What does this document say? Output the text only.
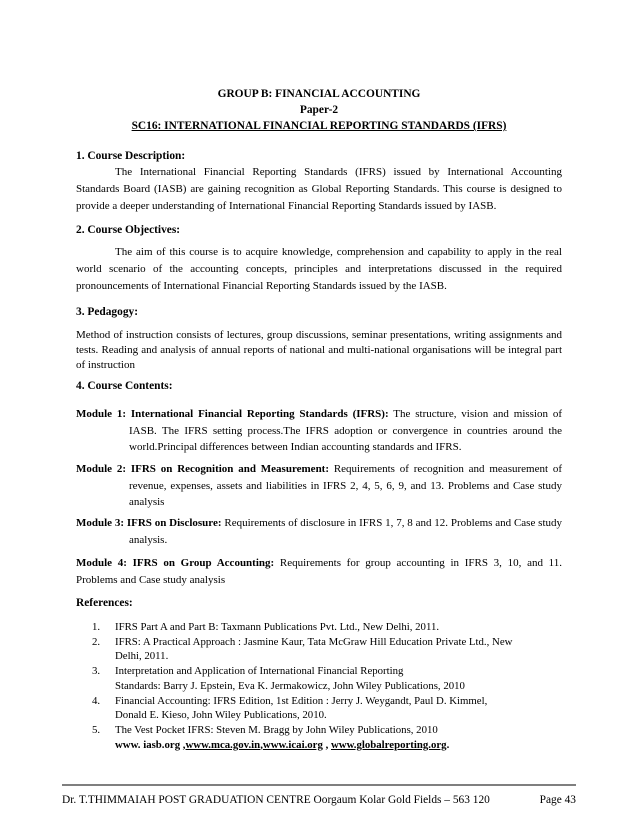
GROUP B: FINANCIAL ACCOUNTING
Paper-2
SC16: INTERNATIONAL FINANCIAL REPORTING STANDARDS (IFRS)
1. Course Description:
The International Financial Reporting Standards (IFRS) issued by International Accounting Standards Board (IASB) are gaining recognition as Global Reporting Standards. This course is designed to provide a deeper understanding of International Financial Reporting Standards issued by IASB.
2. Course Objectives:
The aim of this course is to acquire knowledge, comprehension and capability to apply in the real world scenario of the accounting concepts, principles and interpretations discussed in the required pronouncements of International Financial Reporting Standards issued by the IASB.
3. Pedagogy:
Method of instruction consists of lectures, group discussions, seminar presentations, writing assignments and tests. Reading and analysis of annual reports of national and multi-national organisations will be integral part of instruction
4. Course Contents:
Module 1: International Financial Reporting Standards (IFRS): The structure, vision and mission of IASB. The IFRS setting process.The IFRS adoption or convergence in countries around the world.Principal differences between Indian accounting standards and IFRS.
Module 2: IFRS on Recognition and Measurement: Requirements of recognition and measurement of revenue, expenses, assets and liabilities in IFRS 2, 4, 5, 6, 9, and 13. Problems and Case study analysis
Module 3: IFRS on Disclosure: Requirements of disclosure in IFRS 1, 7, 8 and 12. Problems and Case study analysis.
Module 4: IFRS on Group Accounting: Requirements for group accounting in IFRS 3, 10, and 11. Problems and Case study analysis
References:
1. IFRS Part A and Part B: Taxmann Publications Pvt. Ltd., New Delhi, 2011.
2. IFRS: A Practical Approach : Jasmine Kaur, Tata McGraw Hill Education Private Ltd., New
Delhi, 2011.
3. Interpretation and Application of International Financial Reporting
Standards: Barry J. Epstein, Eva K. Jermakowicz, John Wiley Publications, 2010
4. Financial Accounting: IFRS Edition, 1st Edition : Jerry J. Weygandt, Paul D. Kimmel,
Donald E. Kieso, John Wiley Publications, 2010.
5. The Vest Pocket IFRS: Steven M. Bragg by John Wiley Publications, 2010
www. iasb.org ,www.mca.gov.in,www.icai.org , www.globalreporting.org.
Dr. T.THIMMAIAH POST GRADUATION CENTRE Oorgaum Kolar Gold Fields – 563 120	Page 43
